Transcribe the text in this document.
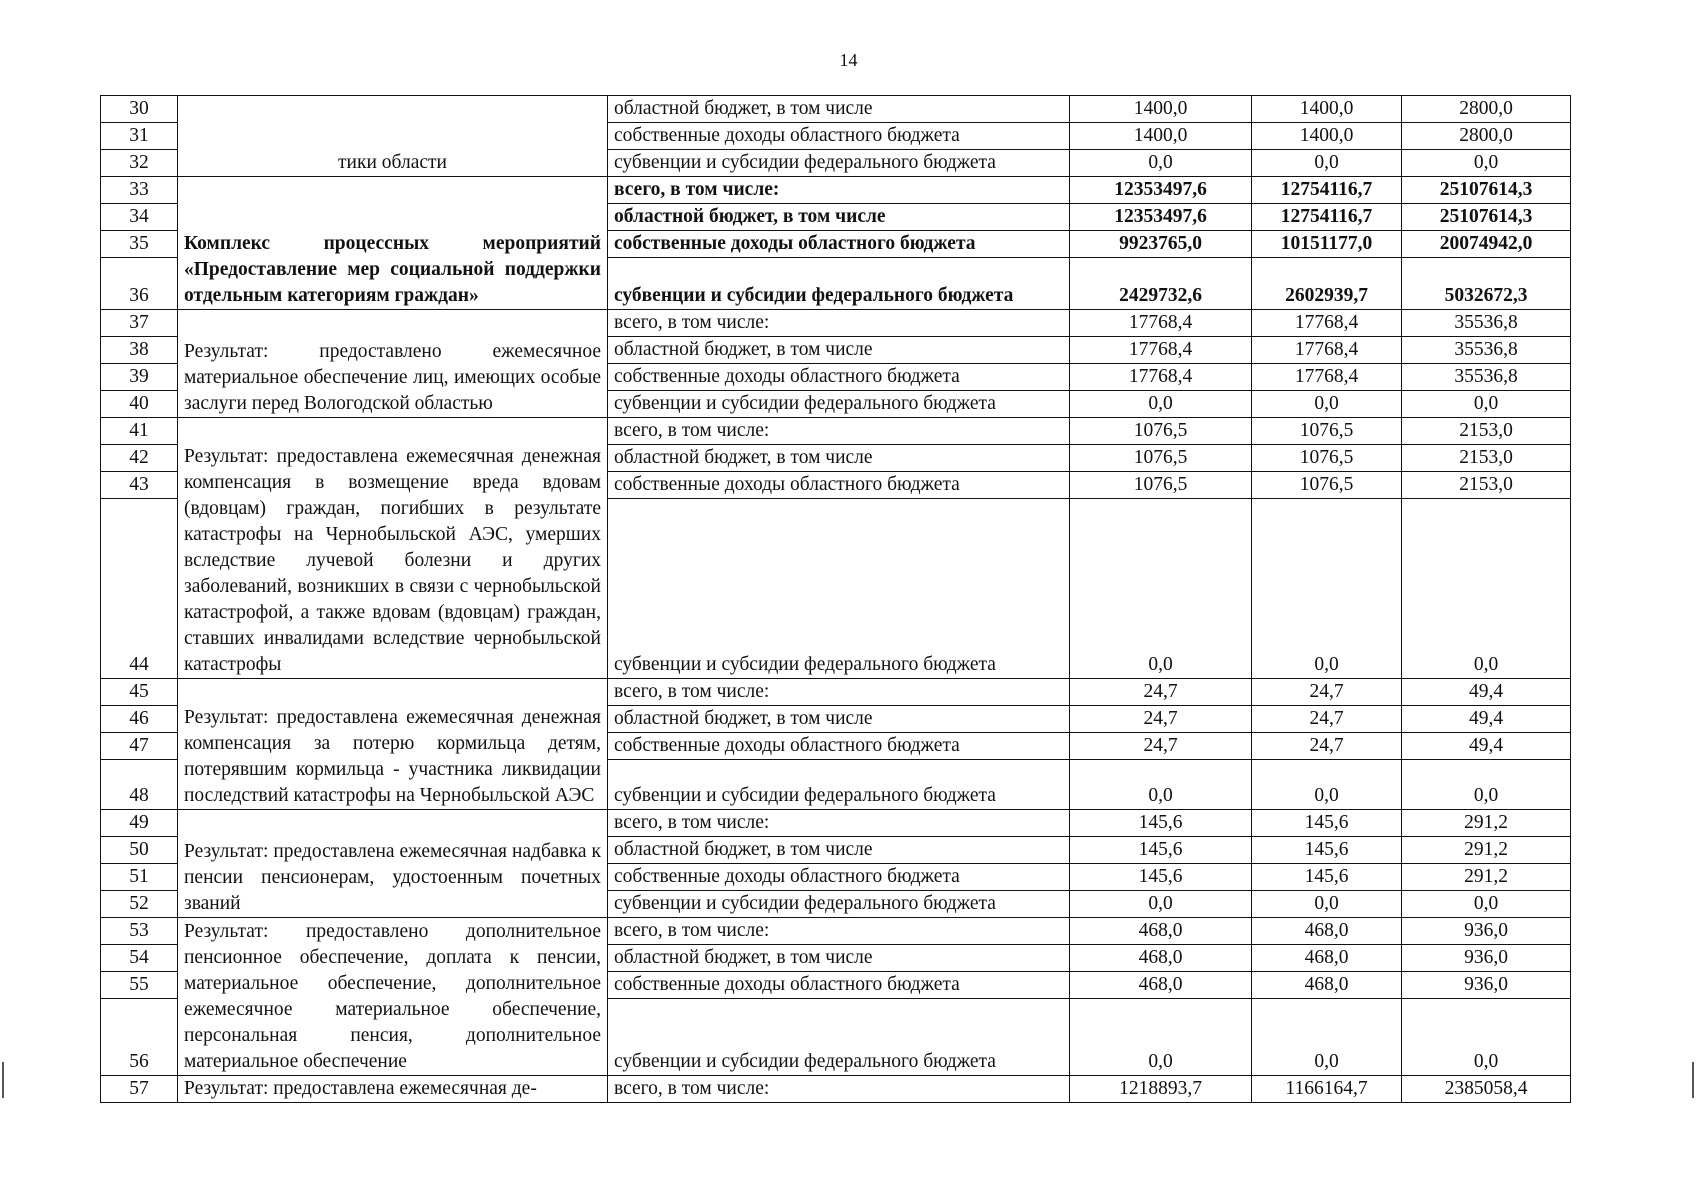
14
30	тики области	областной бюджет, в том числе	1400,0	1400,0	2800,0
31		собственные доходы областного бюджета	1400,0	1400,0	2800,0
32		субвенции и субсидии федерального бюджета	0,0	0,0	0,0
33	Комплекс процессных мероприятий «Предоставление мер социальной поддержки отдельным категориям граждан»	всего, в том числе:	12353497,6	12754116,7	25107614,3
34		областной бюджет, в том числе	12353497,6	12754116,7	25107614,3
35		собственные доходы областного бюджета	9923765,0	10151177,0	20074942,0
36		субвенции и субсидии федерального бюджета	2429732,6	2602939,7	5032672,3
37	Результат: предоставлено ежемесячное материальное обеспечение лиц, имеющих особые заслуги перед Вологодской областью	всего, в том числе:	17768,4	17768,4	35536,8
38		областной бюджет, в том числе	17768,4	17768,4	35536,8
39		собственные доходы областного бюджета	17768,4	17768,4	35536,8
40		субвенции и субсидии федерального бюджета	0,0	0,0	0,0
41	Результат: предоставлена ежемесячная денежная компенсация в возмещение вреда вдовам (вдовцам) граждан, погибших в результате катастрофы на Чернобыльской АЭС, умерших вследствие лучевой болезни и других заболеваний, возникших в связи с чернобыльской катастрофой, а также вдовам (вдовцам) граждан, ставших инвалидами вследствие чернобыльской катастрофы	всего, в том числе:	1076,5	1076,5	2153,0
42		областной бюджет, в том числе	1076,5	1076,5	2153,0
43		собственные доходы областного бюджета	1076,5	1076,5	2153,0
44		субвенции и субсидии федерального бюджета	0,0	0,0	0,0
45	Результат: предоставлена ежемесячная денежная компенсация за потерю кормильца детям, потерявшим кормильца - участника ликвидации последствий катастрофы на Чернобыльской АЭС	всего, в том числе:	24,7	24,7	49,4
46		областной бюджет, в том числе	24,7	24,7	49,4
47		собственные доходы областного бюджета	24,7	24,7	49,4
48		субвенции и субсидии федерального бюджета	0,0	0,0	0,0
49	Результат: предоставлена ежемесячная надбавка к пенсии пенсионерам, удостоенным почетных званий	всего, в том числе:	145,6	145,6	291,2
50		областной бюджет, в том числе	145,6	145,6	291,2
51		собственные доходы областного бюджета	145,6	145,6	291,2
52		субвенции и субсидии федерального бюджета	0,0	0,0	0,0
53	Результат: предоставлено дополнительное пенсионное обеспечение, доплата к пенсии, материальное обеспечение, дополнительное ежемесячное материальное обеспечение, персональная пенсия, дополнительное материальное обеспечение	всего, в том числе:	468,0	468,0	936,0
54		областной бюджет, в том числе	468,0	468,0	936,0
55		собственные доходы областного бюджета	468,0	468,0	936,0
56		субвенции и субсидии федерального бюджета	0,0	0,0	0,0
57	Результат: предоставлена ежемесячная де-	всего, в том числе:	1218893,7	1166164,7	2385058,4
